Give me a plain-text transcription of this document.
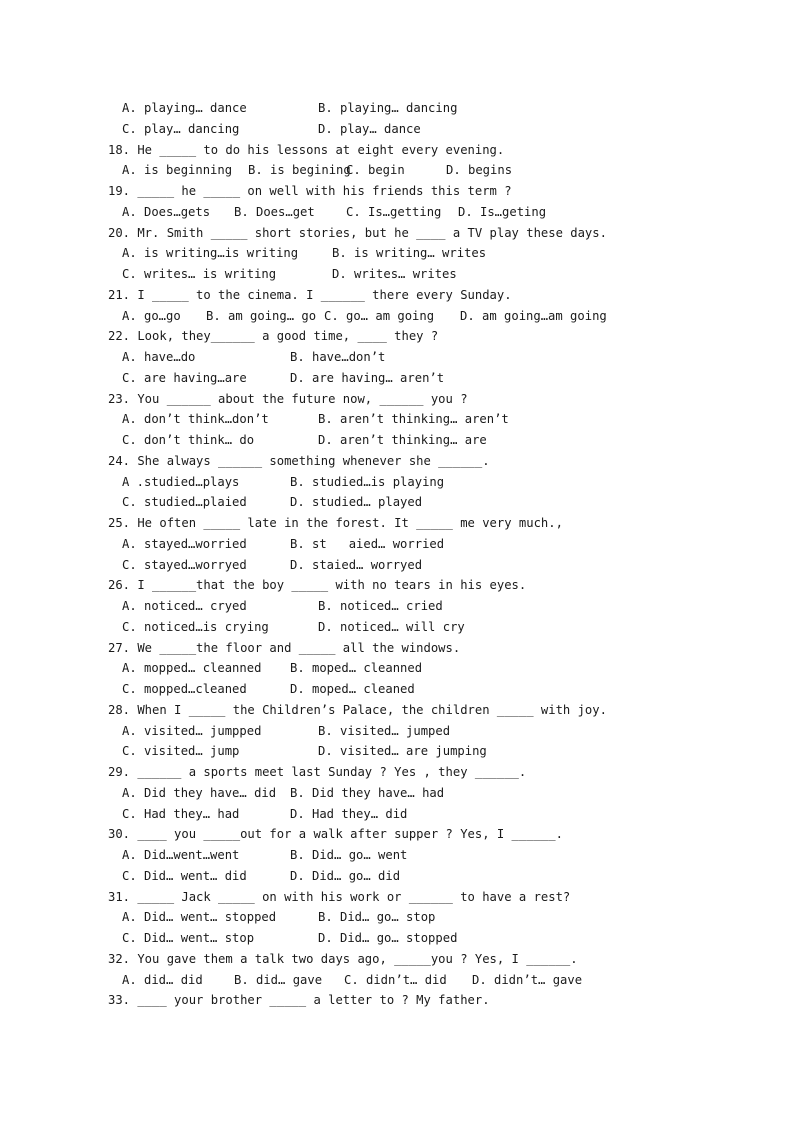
A. playing… dance	B. playing… dancing
C. play… dancing	D. play… dance
18. He _____ to do his lessons at eight every evening.
A. is beginning B. is beginingC. begin	D. begins
19. _____ he _____ on well with his friends this term ?
A. Does…gets B. Does…get	C. Is…getting D. Is…geting
20. Mr. Smith _____ short stories, but he ____ a TV play these days.
A. is writing…is writing	B. is writing… writes
C. writes… is writing	D. writes… writes
21. I _____ to the cinema. I ______ there every Sunday.
A. go…go B. am going… go C. go… am going D. am going…am going
22. Look, they______ a good time, ____ they ?
A. have…do	B. have…don’t
C. are having…are	D. are having… aren’t
23. You ______ about the future now, ______ you ?
A. don’t think…don’t	B. aren’t thinking… aren’t
C. don’t think… do	D. aren’t thinking… are
24. She always ______ something whenever she ______.
A .studied…plays	B. studied…is playing
C. studied…plaied	D. studied… played
25. He often _____ late in the forest. It _____ me very much.,
A. stayed…worried	B. st   aied… worried
C. stayed…worryed	D. staied… worryed
26. I ______that the boy _____ with no tears in his eyes.
A. noticed… cryed	B. noticed… cried
C. noticed…is crying	D. noticed… will cry
27. We _____the floor and _____ all the windows.
A. mopped… cleanned B. moped… cleanned
C. mopped…cleaned	D. moped… cleaned
28. When I _____ the Children’s Palace, the children _____ with joy.
A. visited… jumpped	B. visited… jumped
C. visited… jump	D. visited… are jumping
29. ______ a sports meet last Sunday ? Yes , they ______.
A. Did they have… did B. Did they have… had
C. Had they… had	D. Had they… did
30. ____ you _____out for a walk after supper ? Yes, I ______.
A. Did…went…went	B. Did… go… went
C. Did… went… did	D. Did… go… did
31. _____ Jack _____ on with his work or ______ to have a rest?
A. Did… went… stopped	B. Did… go… stop
C. Did… went… stop	D. Did… go… stopped
32. You gave them a talk two days ago, _____you ? Yes, I ______.
A. did… did	B. did… gave C. didn’t… did D. didn’t… gave
33. ____ your brother _____ a letter to ? My father.
